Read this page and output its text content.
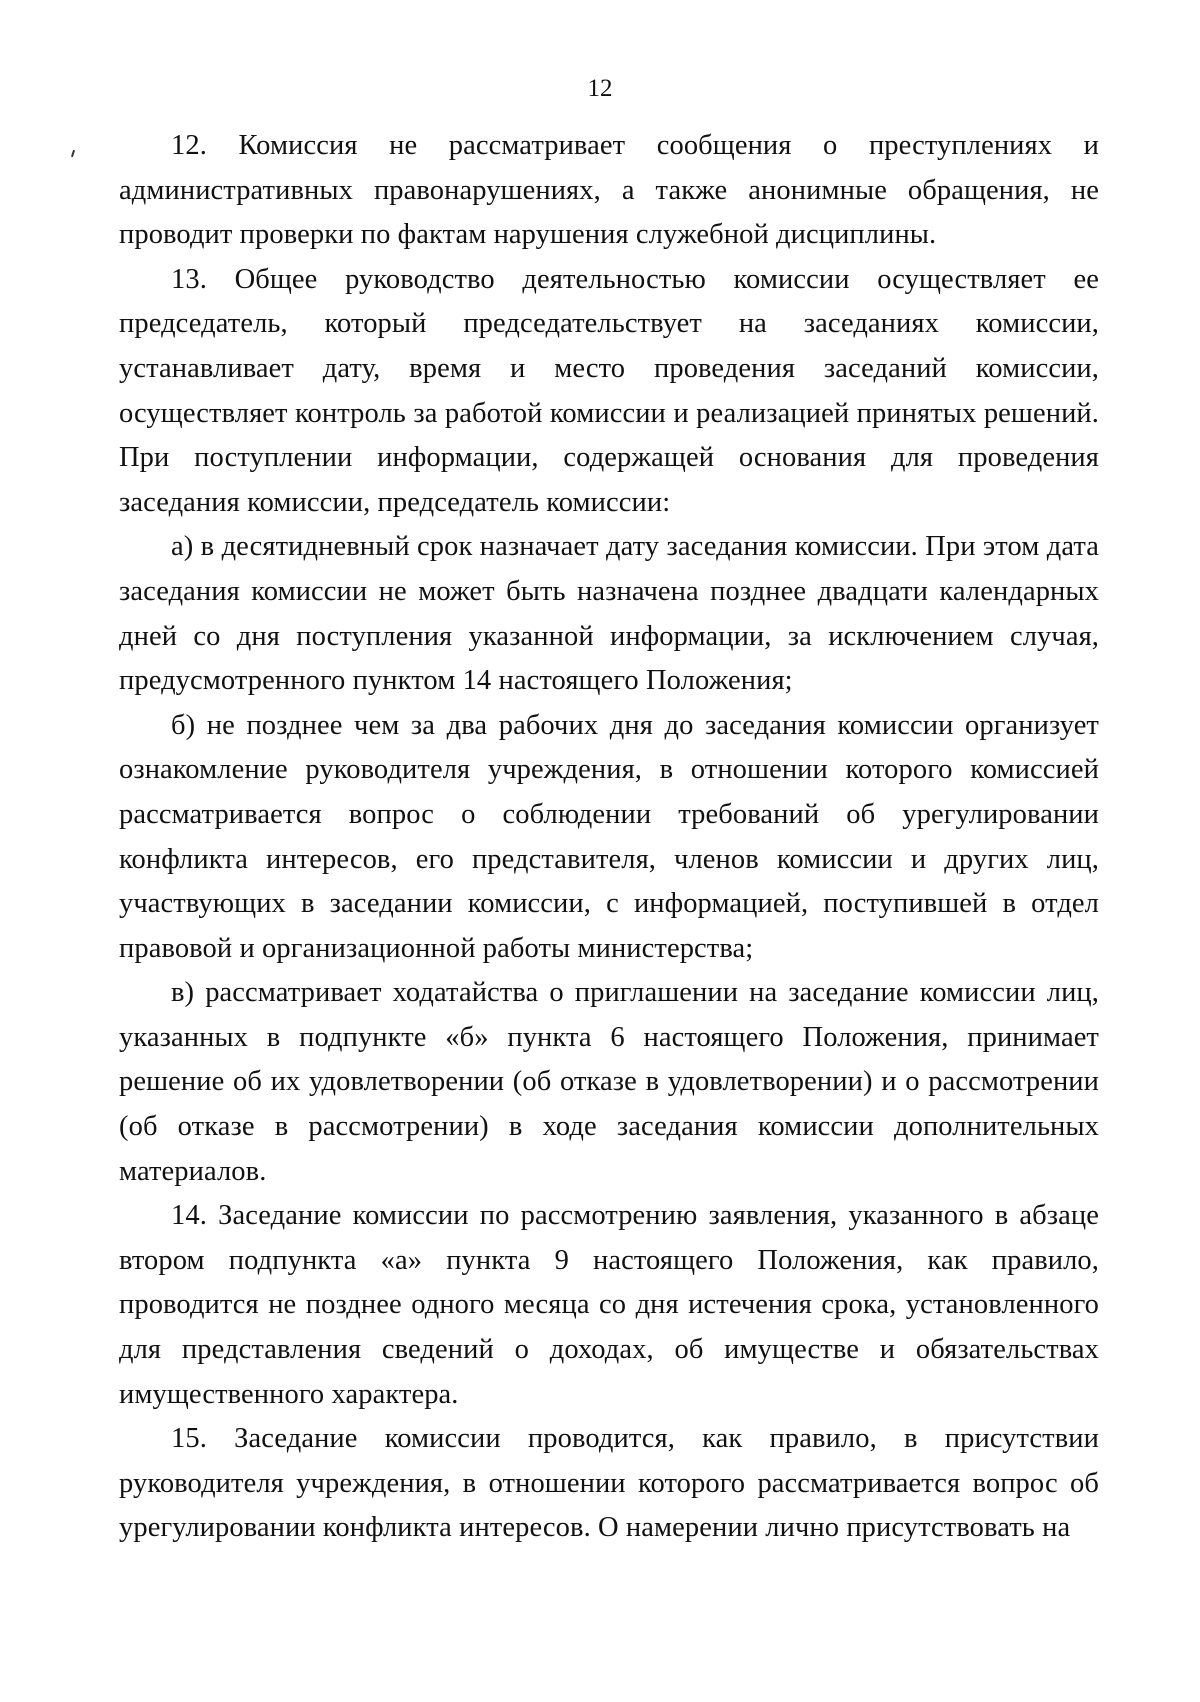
12

12. Комиссия не рассматривает сообщения о преступлениях и административных правонарушениях, а также анонимные обращения, не проводит проверки по фактам нарушения служебной дисциплины.

13. Общее руководство деятельностью комиссии осуществляет ее председатель, который председательствует на заседаниях комиссии, устанавливает дату, время и место проведения заседаний комиссии, осуществляет контроль за работой комиссии и реализацией принятых решений. При поступлении информации, содержащей основания для проведения заседания комиссии, председатель комиссии:

а) в десятидневный срок назначает дату заседания комиссии. При этом дата заседания комиссии не может быть назначена позднее двадцати календарных дней со дня поступления указанной информации, за исключением случая, предусмотренного пунктом 14 настоящего Положения;

б) не позднее чем за два рабочих дня до заседания комиссии организует ознакомление руководителя учреждения, в отношении которого комиссией рассматривается вопрос о соблюдении требований об урегулировании конфликта интересов, его представителя, членов комиссии и других лиц, участвующих в заседании комиссии, с информацией, поступившей в отдел правовой и организационной работы министерства;

в) рассматривает ходатайства о приглашении на заседание комиссии лиц, указанных в подпункте «б» пункта 6 настоящего Положения, принимает решение об их удовлетворении (об отказе в удовлетворении) и о рассмотрении (об отказе в рассмотрении) в ходе заседания комиссии дополнительных материалов.

14. Заседание комиссии по рассмотрению заявления, указанного в абзаце втором подпункта «а» пункта 9 настоящего Положения, как правило, проводится не позднее одного месяца со дня истечения срока, установленного для представления сведений о доходах, об имуществе и обязательствах имущественного характера.

15. Заседание комиссии проводится, как правило, в присутствии руководителя учреждения, в отношении которого рассматривается вопрос об урегулировании конфликта интересов. О намерении лично присутствовать на
